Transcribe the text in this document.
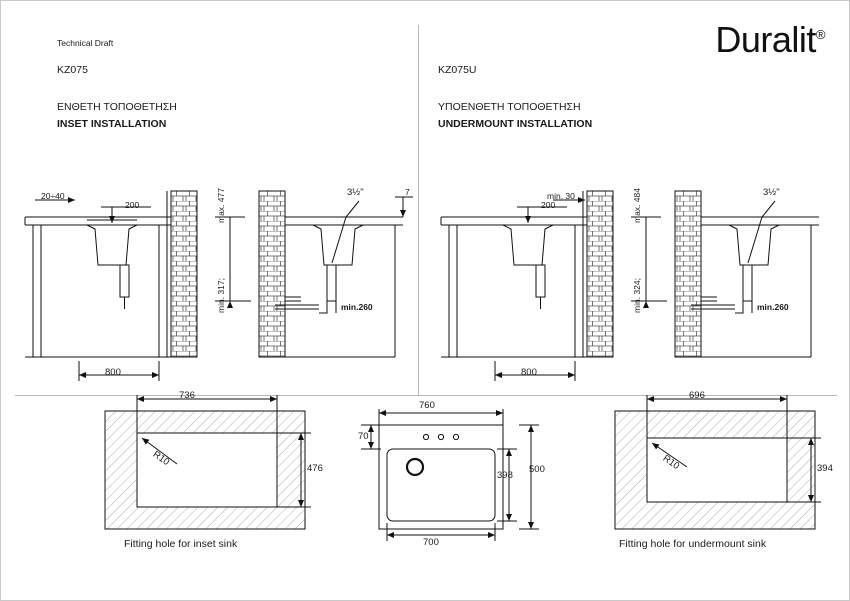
Technical Draft	Duralit®
KZ075
ΕΝΘΕΤΗ ΤΟΠΟΘΕΤΗΣΗ
INSET INSTALLATION
KZ075U
ΥΠΟΕΝΘΕΤΗ ΤΟΠΟΘΕΤΗΣΗ
UNDERMOUNT INSTALLATION
20÷40
200	max. 477
min. 317;	min.260
3½"	7
800
736
476
R10
Fitting hole for inset sink
760
700
70
398
500
min. 30
200	max. 484
min. 324;	min.260
3½"
800
696
394
R10
Fitting hole for undermount sink
